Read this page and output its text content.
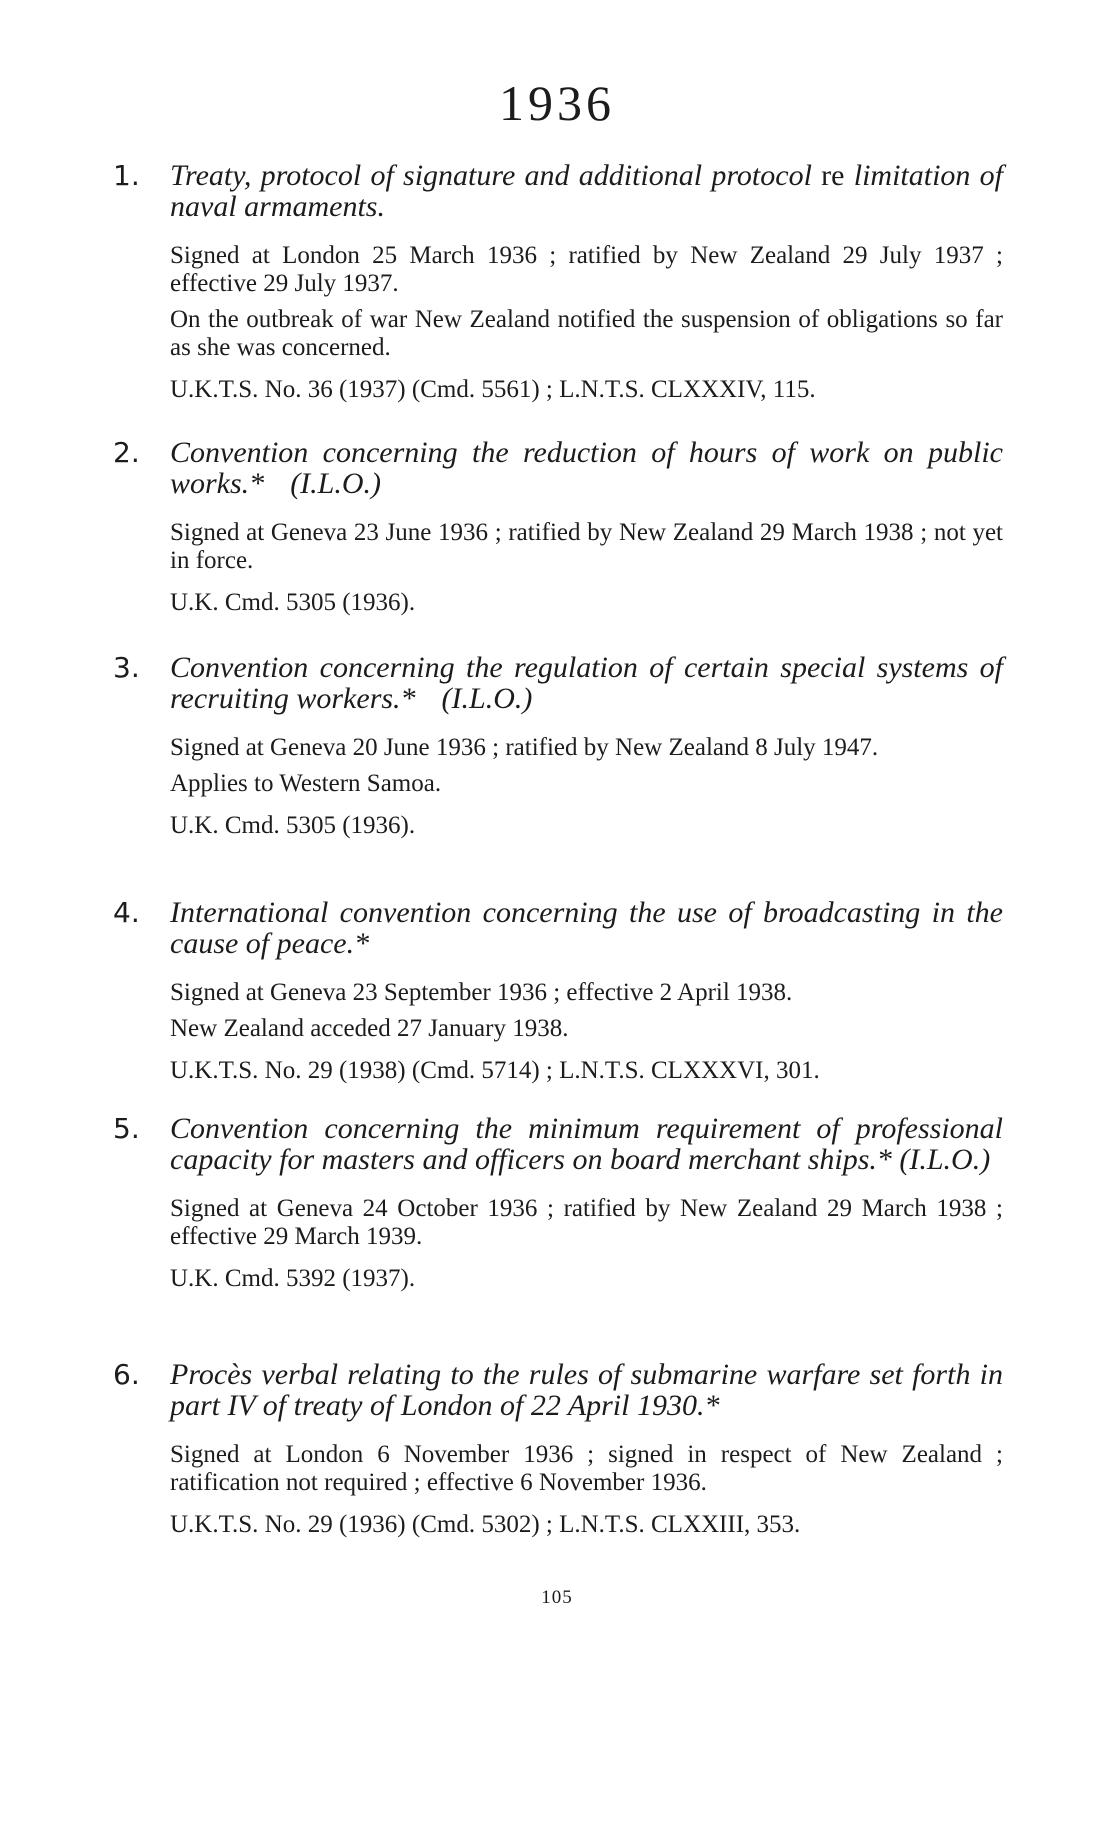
1936
1. Treaty, protocol of signature and additional protocol re limitation of naval armaments.
Signed at London 25 March 1936 ; ratified by New Zealand 29 July 1937 ; effective 29 July 1937.
On the outbreak of war New Zealand notified the suspension of obligations so far as she was concerned.
U.K.T.S. No. 36 (1937) (Cmd. 5561) ; L.N.T.S. CLXXXIV, 115.
2. Convention concerning the reduction of hours of work on public works.* (I.L.O.)
Signed at Geneva 23 June 1936 ; ratified by New Zealand 29 March 1938 ; not yet in force.
U.K. Cmd. 5305 (1936).
3. Convention concerning the regulation of certain special systems of recruiting workers.* (I.L.O.)
Signed at Geneva 20 June 1936 ; ratified by New Zealand 8 July 1947.
Applies to Western Samoa.
U.K. Cmd. 5305 (1936).
4. International convention concerning the use of broadcasting in the cause of peace.*
Signed at Geneva 23 September 1936 ; effective 2 April 1938.
New Zealand acceded 27 January 1938.
U.K.T.S. No. 29 (1938) (Cmd. 5714) ; L.N.T.S. CLXXXVI, 301.
5. Convention concerning the minimum requirement of professional capacity for masters and officers on board merchant ships.* (I.L.O.)
Signed at Geneva 24 October 1936 ; ratified by New Zealand 29 March 1938 ; effective 29 March 1939.
U.K. Cmd. 5392 (1937).
6. Procès verbal relating to the rules of submarine warfare set forth in part IV of treaty of London of 22 April 1930.*
Signed at London 6 November 1936 ; signed in respect of New Zealand ; ratification not required ; effective 6 November 1936.
U.K.T.S. No. 29 (1936) (Cmd. 5302) ; L.N.T.S. CLXXIII, 353.
105
